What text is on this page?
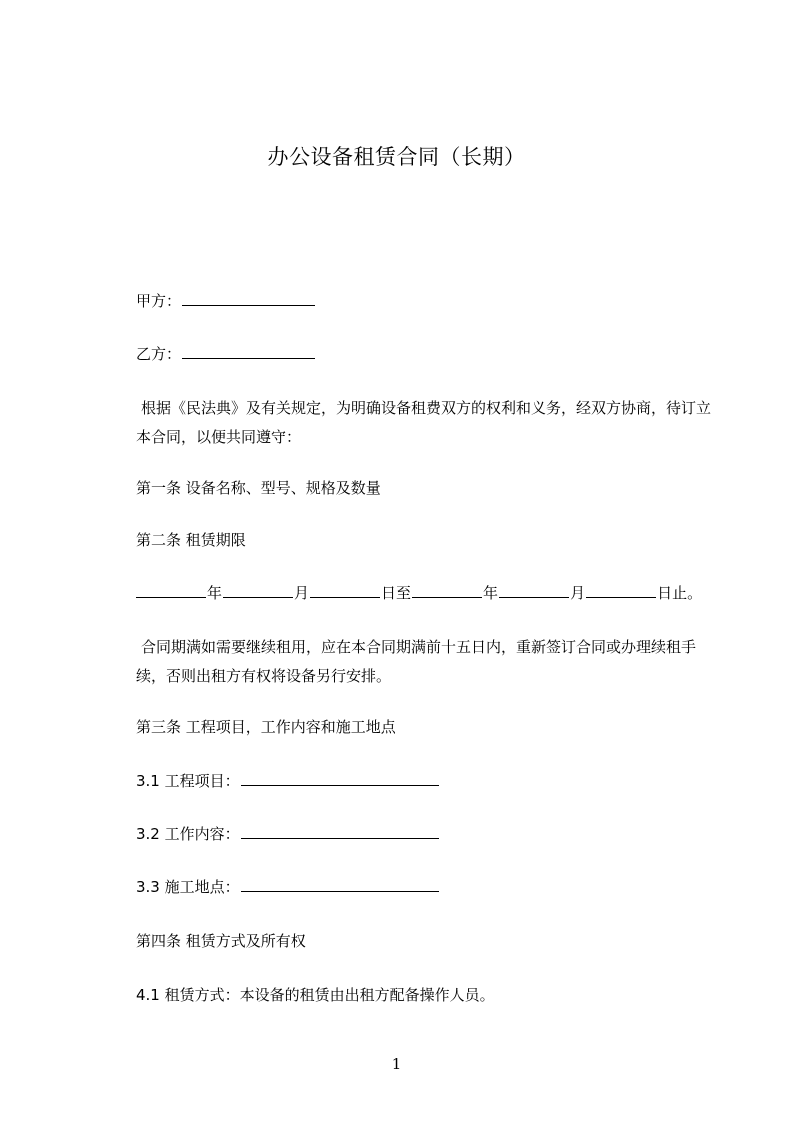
办公设备租赁合同（长期）
甲方：
乙方：
根据《民法典》及有关规定，为明确设备租费双方的权利和义务，经双方协商，待订立本合同，以便共同遵守：
第一条 设备名称、型号、规格及数量
第二条 租赁期限
年	月	日至	年	月	日止。
合同期满如需要继续租用，应在本合同期满前十五日内，重新签订合同或办理续租手续，否则出租方有权将设备另行安排。
第三条 工程项目，工作内容和施工地点
3.1 工程项目：
3.2 工作内容：
3.3 施工地点：
第四条 租赁方式及所有权
4.1 租赁方式：本设备的租赁由出租方配备操作人员。
1
